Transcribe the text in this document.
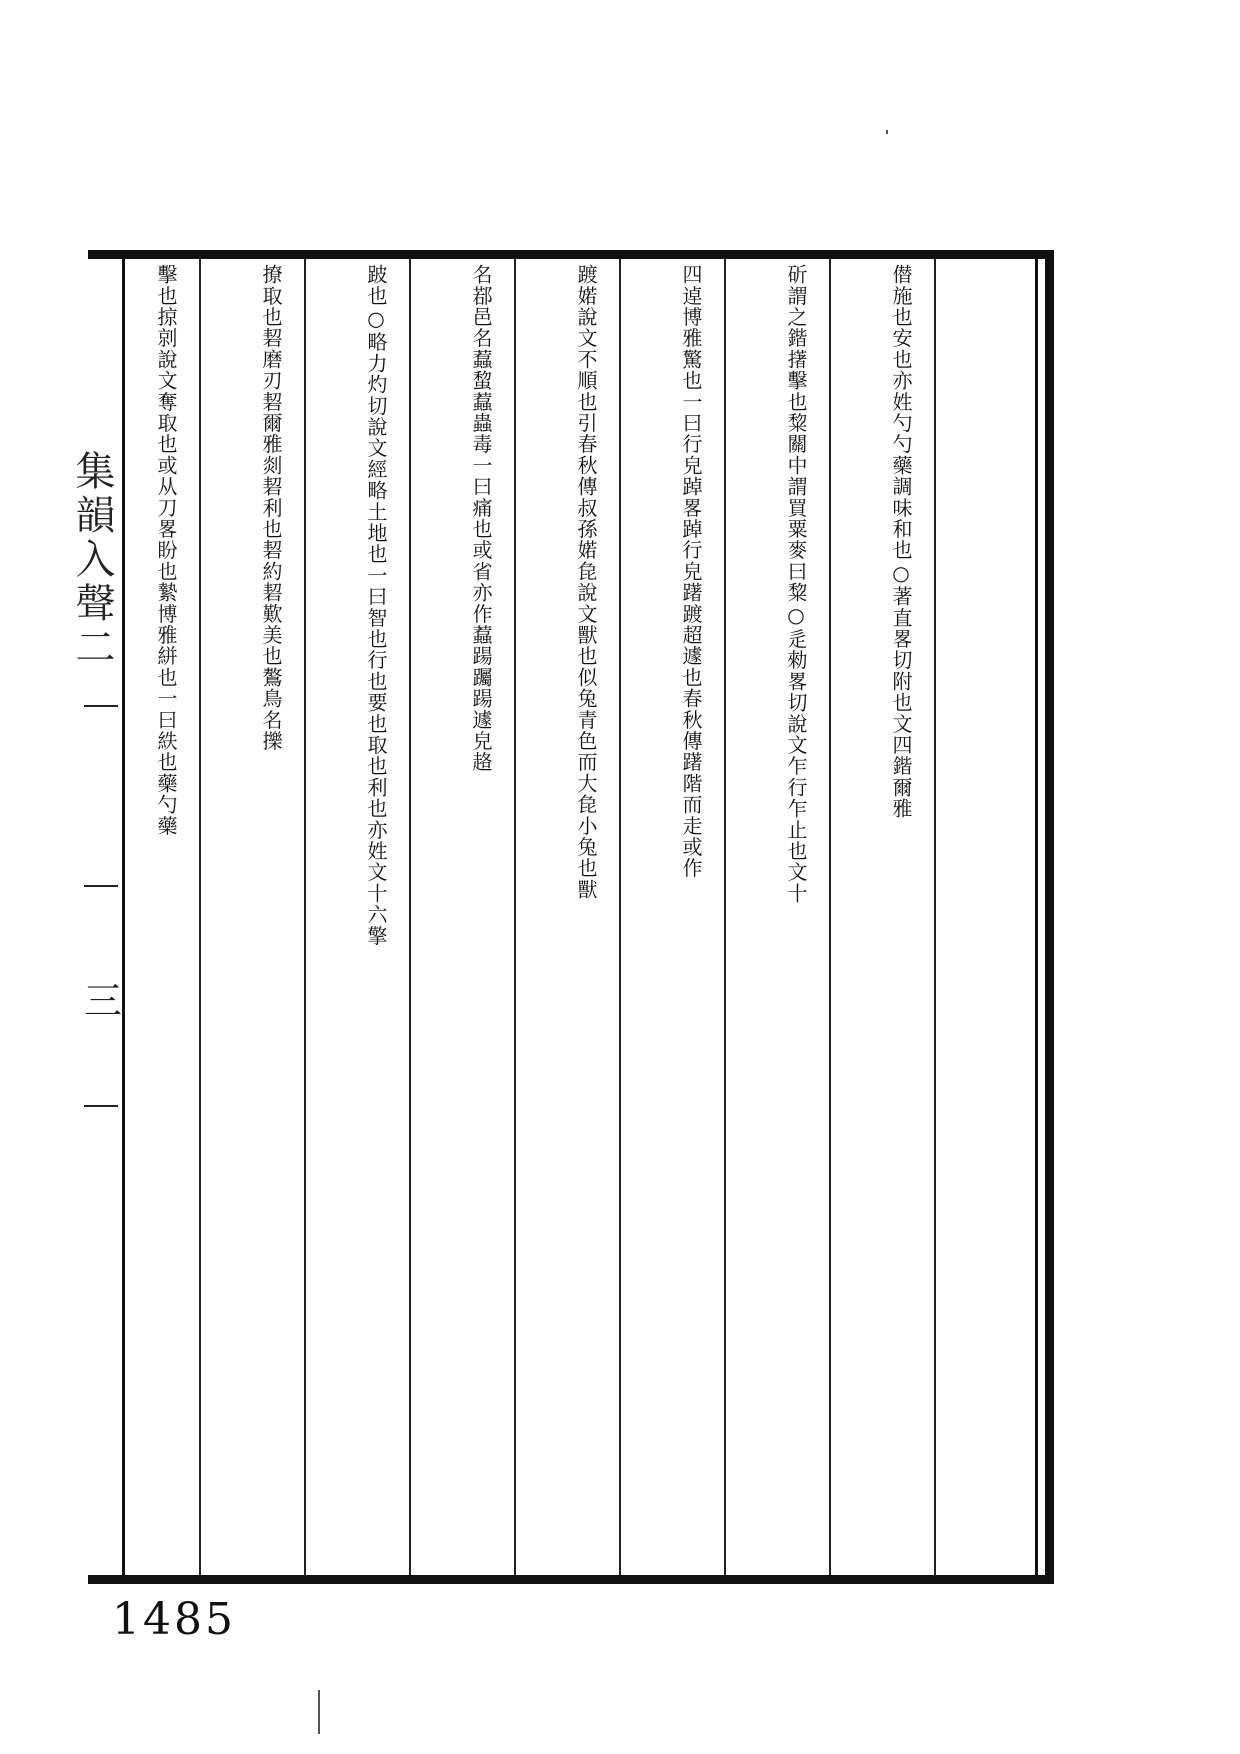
集韻入聲二
三
僣施也安也亦姓勺勺藥調味和也○著直畧切附也文四鍇爾雅
斫謂之鍇擆擊也䊍關中謂買粟麥曰䊍○辵勑畧切說文乍行乍止也文十
四逴博雅驚也一曰行皃踔畧踔行皃躇踱超遽也春秋傳躇階而走或作
踱婼說文不順也引春秋傳叔孫婼㲋說文獸也似兔青色而大㲋小兔也獸
名鄀邑名蠚䖿蠚蟲毒一曰痛也或省亦作蠚踼䠱踼遽皃䞦
跛也○略力灼切說文經略土地也一曰智也行也要也取也利也亦姓文十六擎
撩取也䂮磨刃䂮爾雅剡䂮利也䂮約䂮歎美也鷔鳥名擽
擊也掠剠說文奪取也或从刀畧盼也縶博雅絣也一曰紩也藥勺藥
1485
